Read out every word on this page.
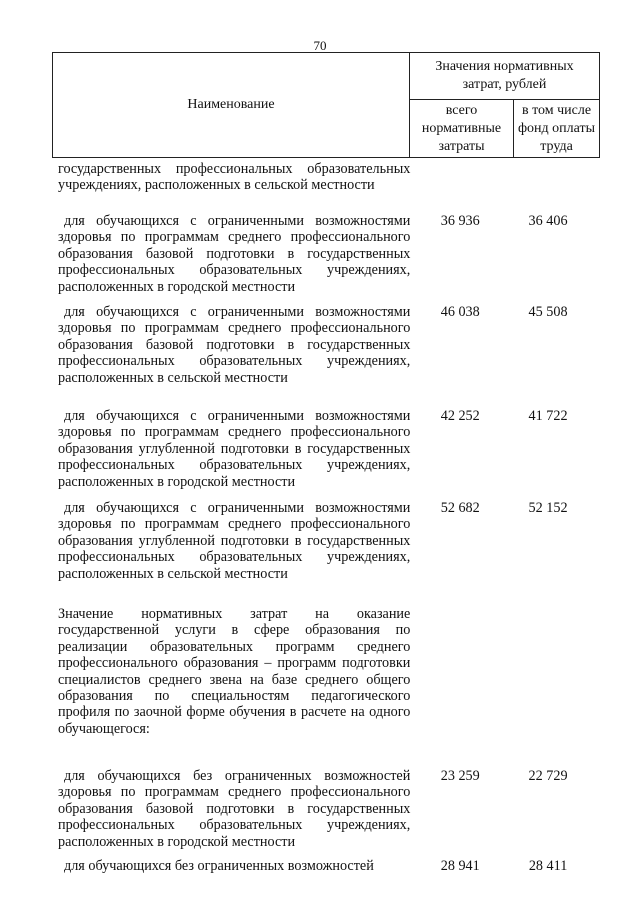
70
Наименование	Значения нормативных затрат, рублей	
	всего нормативные затраты	в том числе фонд оплаты труда
государственных профессиональных образовательных учреждениях, расположенных в сельской местности
для обучающихся с ограниченными возможностями здоровья по программам среднего профессионального образования базовой подготовки в государственных профессиональных образовательных учреждениях, расположенных в городской местности
36 936	36 406
для обучающихся с ограниченными возможностями здоровья по программам среднего профессионального образования базовой подготовки в государственных профессиональных образовательных учреждениях, расположенных в сельской местности
46 038	45 508
для обучающихся с ограниченными возможностями здоровья по программам среднего профессионального образования углубленной подготовки в государственных профессиональных образовательных учреждениях, расположенных в городской местности
42 252	41 722
для обучающихся с ограниченными возможностями здоровья по программам среднего профессионального образования углубленной подготовки в государственных профессиональных образовательных учреждениях, расположенных в сельской местности
52 682	52 152
Значение нормативных затрат на оказание государственной услуги в сфере образования по реализации образовательных программ среднего профессионального образования – программ подготовки специалистов среднего звена на базе среднего общего образования по специальностям педагогического профиля по заочной форме обучения в расчете на одного обучающегося:
для обучающихся без ограниченных возможностей здоровья по программам среднего профессионального образования базовой подготовки в государственных профессиональных образовательных учреждениях, расположенных в городской местности
23 259	22 729
для обучающихся без ограниченных возможностей	28 941	28 411
